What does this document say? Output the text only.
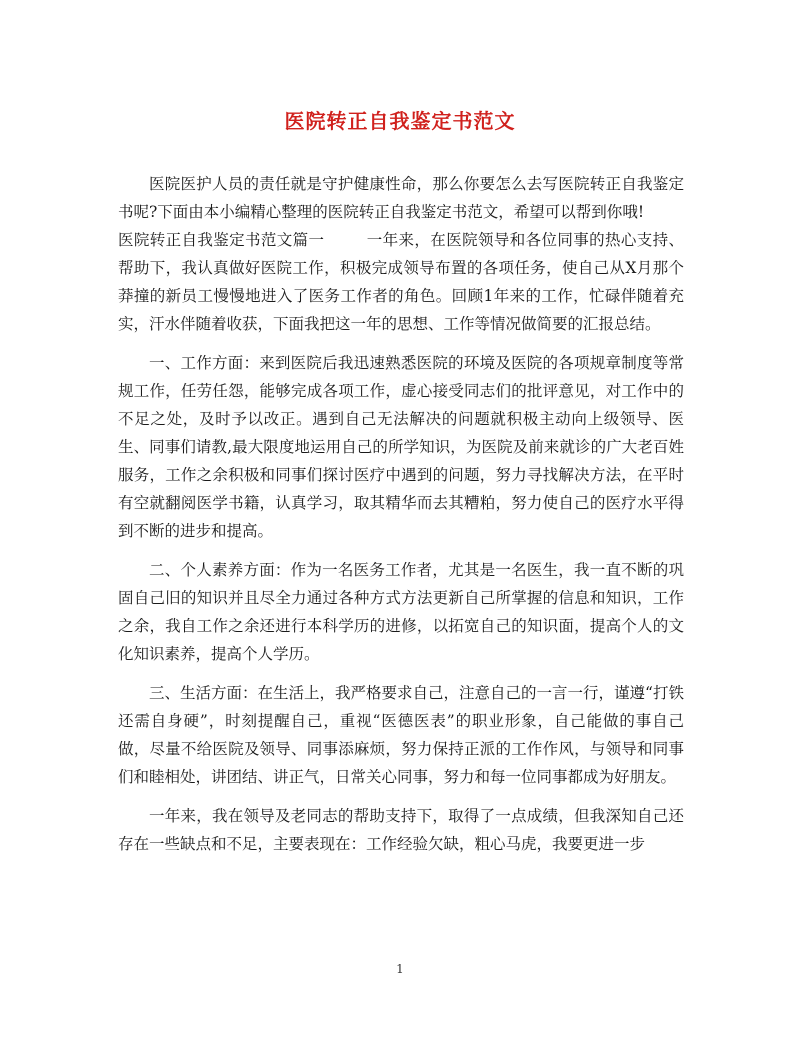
医院转正自我鉴定书范文

医院医护人员的责任就是守护健康性命，那么你要怎么去写医院转正自我鉴定书呢?下面由本小编精心整理的医院转正自我鉴定书范文，希望可以帮到你哦!

医院转正自我鉴定书范文篇一	一年来，在医院领导和各位同事的热心支持、帮助下，我认真做好医院工作，积极完成领导布置的各项任务，使自己从X月那个莽撞的新员工慢慢地进入了医务工作者的角色。回顾1年来的工作，忙碌伴随着充实，汗水伴随着收获，下面我把这一年的思想、工作等情况做简要的汇报总结。

一、工作方面：来到医院后我迅速熟悉医院的环境及医院的各项规章制度等常规工作，任劳任怨，能够完成各项工作，虚心接受同志们的批评意见，对工作中的不足之处，及时予以改正。遇到自己无法解决的问题就积极主动向上级领导、医生、同事们请教,最大限度地运用自己的所学知识，为医院及前来就诊的广大老百姓服务，工作之余积极和同事们探讨医疗中遇到的问题，努力寻找解决方法，在平时有空就翻阅医学书籍，认真学习，取其精华而去其糟粕，努力使自己的医疗水平得到不断的进步和提高。

二、个人素养方面：作为一名医务工作者，尤其是一名医生，我一直不断的巩固自己旧的知识并且尽全力通过各种方式方法更新自己所掌握的信息和知识，工作之余，我自工作之余还进行本科学历的进修，以拓宽自己的知识面，提高个人的文化知识素养，提高个人学历。

三、生活方面：在生活上，我严格要求自己，注意自己的一言一行，谨遵“打铁还需自身硬”，时刻提醒自己，重视“医德医表”的职业形象，自己能做的事自己做，尽量不给医院及领导、同事添麻烦，努力保持正派的工作作风，与领导和同事们和睦相处，讲团结、讲正气，日常关心同事，努力和每一位同事都成为好朋友。

一年来，我在领导及老同志的帮助支持下，取得了一点成绩，但我深知自己还存在一些缺点和不足，主要表现在：工作经验欠缺，粗心马虎，我要更进一步

1
